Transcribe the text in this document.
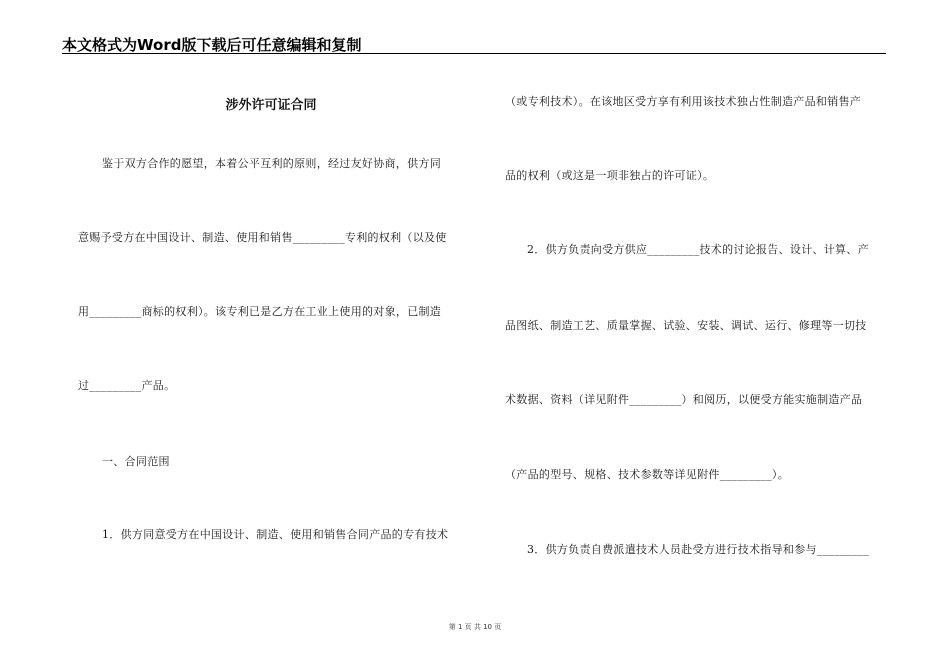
本文格式为Word版下载后可任意编辑和复制
涉外许可证合同
鉴于双方合作的愿望，本着公平互利的原则，经过友好协商，供方同
意赐予受方在中国设计、制造、使用和销售_________专利的权利（以及使
用_________商标的权利）。该专利已是乙方在工业上使用的对象，已制造
过_________产品。
一、合同范围
1．供方同意受方在中国设计、制造、使用和销售合同产品的专有技术
（或专利技术）。在该地区受方享有利用该技术独占性制造产品和销售产
品的权利（或这是一项非独占的许可证）。
2．供方负责向受方供应_________技术的讨论报告、设计、计算、产
品图纸、制造工艺、质量掌握、试验、安装、调试、运行、修理等一切技
术数据、资料（详见附件_________）和阅历，以便受方能实施制造产品
（产品的型号、规格、技术参数等详见附件_________）。
3．供方负责自费派遣技术人员赴受方进行技术指导和参与_________
第 1 页 共 10 页
